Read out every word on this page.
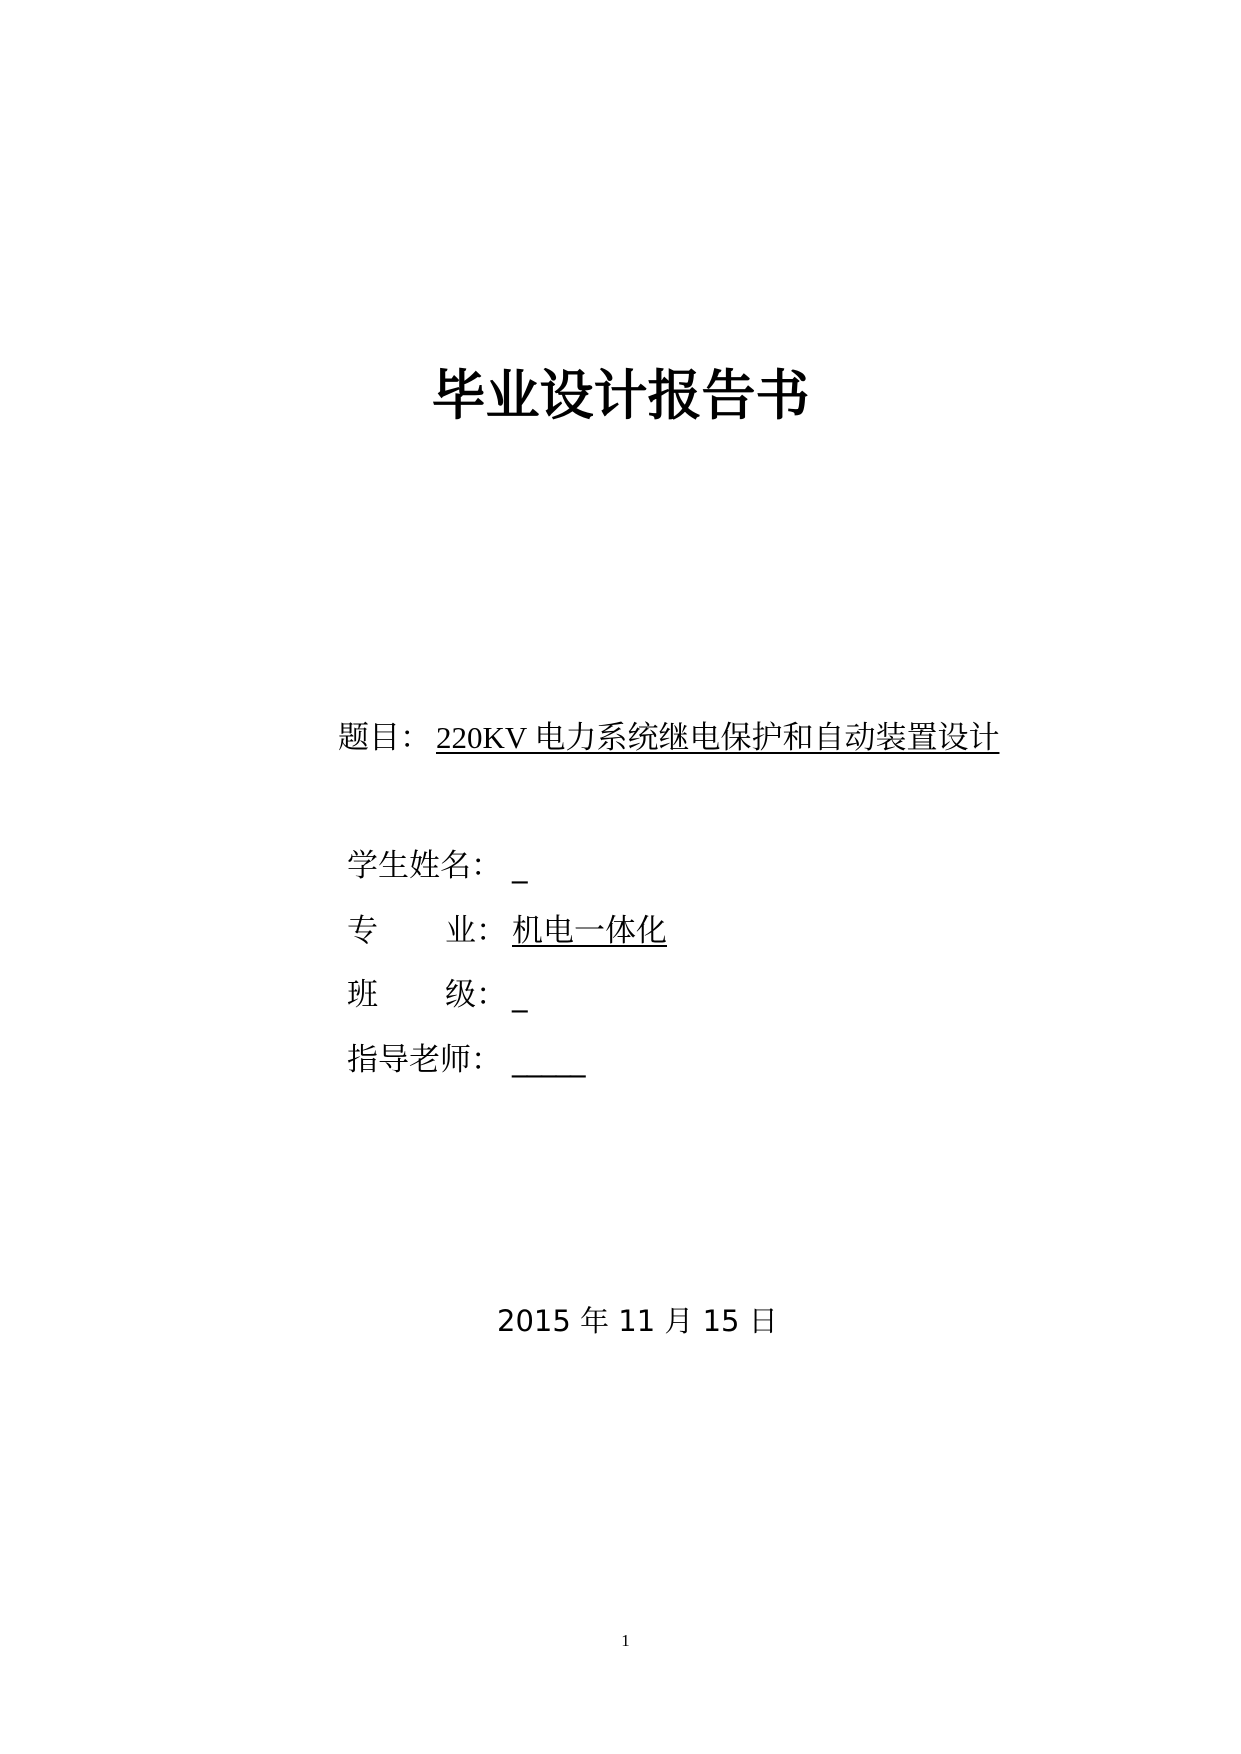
毕业设计报告书
题目： 220KV 电力系统继电保护和自动装置设计
学生姓名： _
专 业： 机电一体化
班 级： _
指导老师： _____
2015 年 11 月 15 日
1
